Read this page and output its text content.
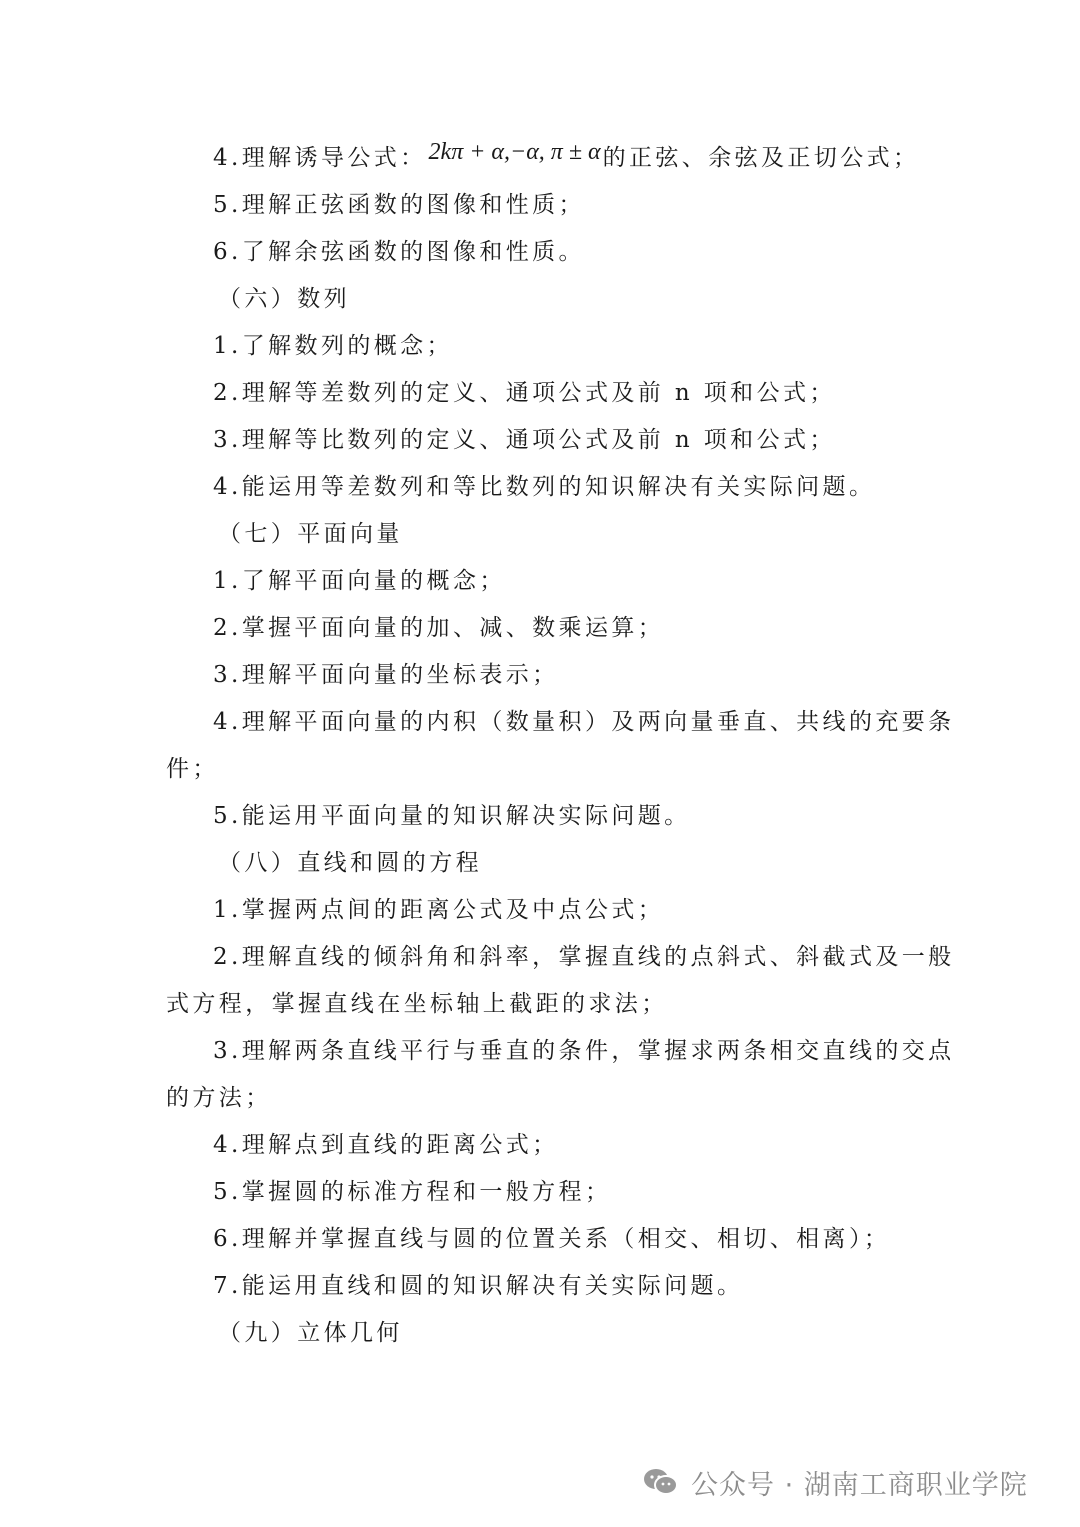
4.理解诱导公式：2kπ + α,−α, π ± α的正弦、余弦及正切公式；
5.理解正弦函数的图像和性质；
6.了解余弦函数的图像和性质。
（六）数列
1.了解数列的概念；
2.理解等差数列的定义、通项公式及前 n 项和公式；
3.理解等比数列的定义、通项公式及前 n 项和公式；
4.能运用等差数列和等比数列的知识解决有关实际问题。
（七）平面向量
1.了解平面向量的概念；
2.掌握平面向量的加、减、数乘运算；
3.理解平面向量的坐标表示；
4.理解平面向量的内积（数量积）及两向量垂直、共线的充要条
件；
5.能运用平面向量的知识解决实际问题。
（八）直线和圆的方程
1.掌握两点间的距离公式及中点公式；
2.理解直线的倾斜角和斜率，掌握直线的点斜式、斜截式及一般
式方程，掌握直线在坐标轴上截距的求法；
3.理解两条直线平行与垂直的条件，掌握求两条相交直线的交点
的方法；
4.理解点到直线的距离公式；
5.掌握圆的标准方程和一般方程；
6.理解并掌握直线与圆的位置关系（相交、相切、相离）；
7.能运用直线和圆的知识解决有关实际问题。
（九）立体几何
公众号 · 湖南工商职业学院
